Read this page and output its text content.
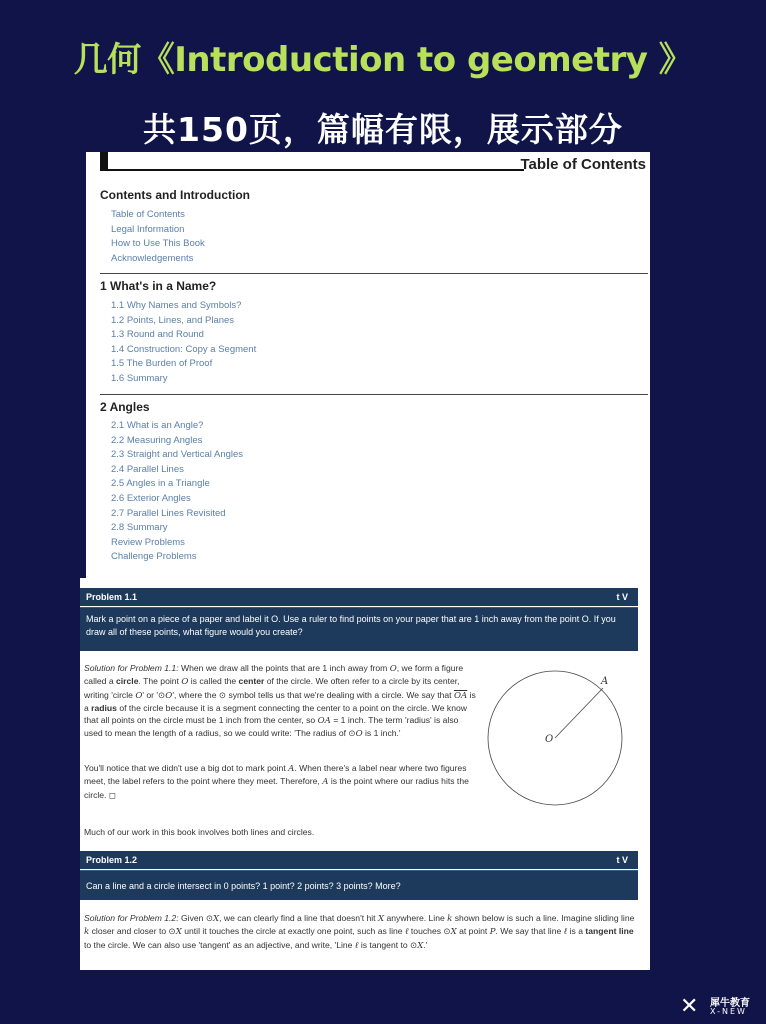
几何《Introduction to geometry 》
共150页，篇幅有限，展示部分
Table of Contents
Contents and Introduction
Table of Contents
Legal Information
How to Use This Book
Acknowledgements
1 What's in a Name?
1.1 Why Names and Symbols?
1.2 Points, Lines, and Planes
1.3 Round and Round
1.4 Construction: Copy a Segment
1.5 The Burden of Proof
1.6 Summary
2 Angles
2.1 What is an Angle?
2.2 Measuring Angles
2.3 Straight and Vertical Angles
2.4 Parallel Lines
2.5 Angles in a Triangle
2.6 Exterior Angles
2.7 Parallel Lines Revisited
2.8 Summary
Review Problems
Challenge Problems
Problem 1.1	t V
Mark a point on a piece of a paper and label it O. Use a ruler to find points on your paper that are 1 inch away from the point O. If you draw all of these points, what figure would you create?
Solution for Problem 1.1: When we draw all the points that are 1 inch away from O, we form a figure called a circle. The point O is called the center of the circle. We often refer to a circle by its center, writing 'circle O' or '⊙O', where the ⊙ symbol tells us that we're dealing with a circle. We say that $\overline{OA}$ is a radius of the circle because it is a segment connecting the center to a point on the circle. We know that all points on the circle must be 1 inch from the center, so OA = 1 inch. The term 'radius' is also used to mean the length of a radius, so we could write: 'The radius of ⊙O is 1 inch.'
You'll notice that we didn't use a big dot to mark point A. When there's a label near where two figures meet, the label refers to the point where they meet. Therefore, A is the point where our radius hits the circle. ◻
O
A
Much of our work in this book involves both lines and circles.
Problem 1.2	t V
Can a line and a circle intersect in 0 points? 1 point? 2 points? 3 points? More?
Solution for Problem 1.2: Given ⊙X, we can clearly find a line that doesn't hit X anywhere. Line k shown below is such a line. Imagine sliding line k closer and closer to ⊙X until it touches the circle at exactly one point, such as line ℓ touches ⊙X at point P. We say that line ℓ is a tangent line to the circle. We can also use 'tangent' as an adjective, and write, 'Line ℓ is tangent to ⊙X.'
✕ 犀牛教育
X-NEW
